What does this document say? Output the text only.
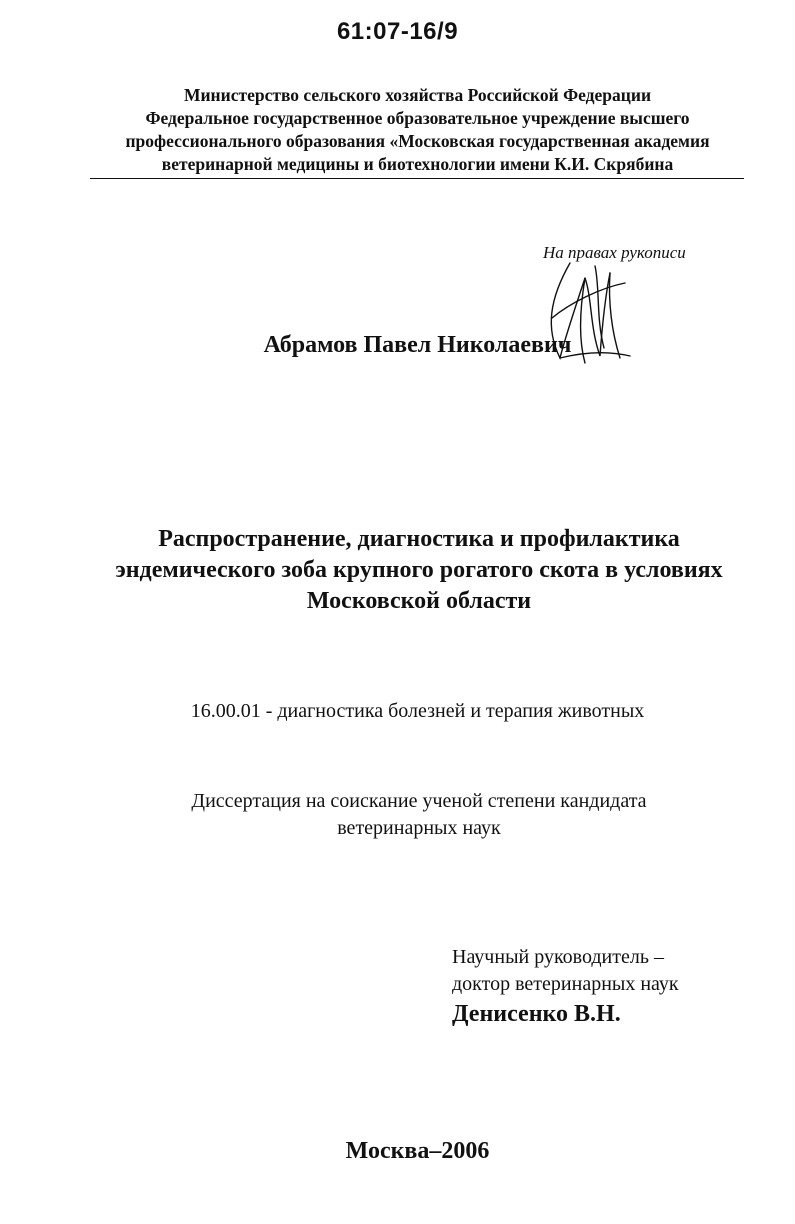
61:07-16/9
Министерство сельского хозяйства Российской Федерации
Федеральное государственное образовательное учреждение высшего
профессионального образования «Московская государственная академия
ветеринарной медицины и биотехнологии имени К.И. Скрябина
На правах рукописи
Абрамов Павел Николаевич
Распространение, диагностика и профилактика
эндемического зоба крупного рогатого скота в условиях
Московской области
16.00.01 - диагностика болезней и терапия животных
Диссертация на соискание ученой степени кандидата
ветеринарных наук
Научный руководитель –
доктор ветеринарных наук
Денисенко В.Н.
Москва–2006
